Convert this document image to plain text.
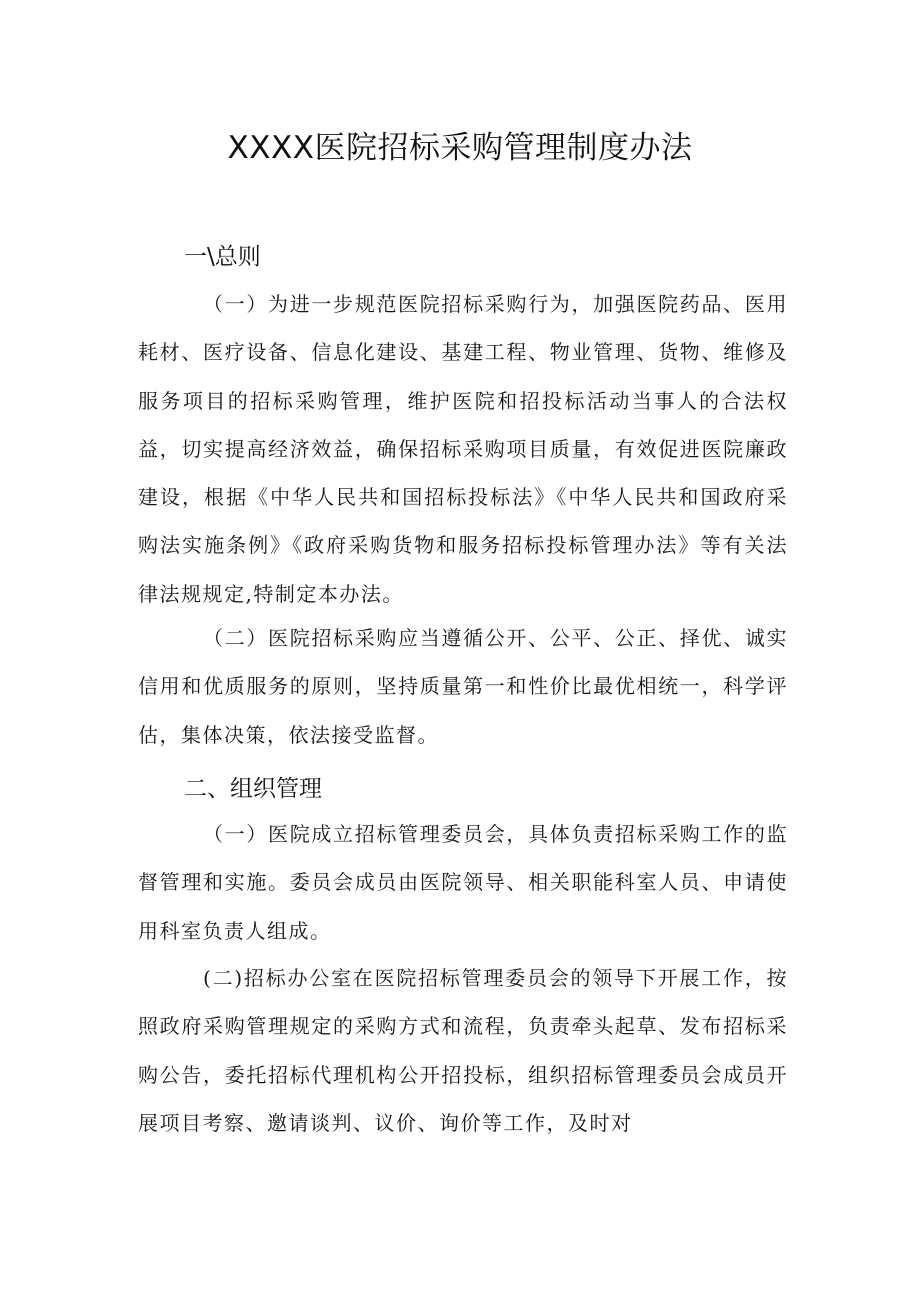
XXXX医院招标采购管理制度办法
一\总则

（一）为进一步规范医院招标采购行为，加强医院药品、医用耗材、医疗设备、信息化建设、基建工程、物业管理、货物、维修及服务项目的招标采购管理，维护医院和招投标活动当事人的合法权益，切实提高经济效益，确保招标采购项目质量，有效促进医院廉政建设，根据《中华人民共和国招标投标法》《中华人民共和国政府采购法实施条例》《政府采购货物和服务招标投标管理办法》等有关法律法规规定,特制定本办法。

（二）医院招标采购应当遵循公开、公平、公正、择优、诚实信用和优质服务的原则，坚持质量第一和性价比最优相统一，科学评估，集体决策，依法接受监督。

二、组织管理

（一）医院成立招标管理委员会，具体负责招标采购工作的监督管理和实施。委员会成员由医院领导、相关职能科室人员、申请使用科室负责人组成。

(二)招标办公室在医院招标管理委员会的领导下开展工作，按照政府采购管理规定的采购方式和流程，负责牵头起草、发布招标采购公告，委托招标代理机构公开招投标，组织招标管理委员会成员开展项目考察、邀请谈判、议价、询价等工作，及时对
